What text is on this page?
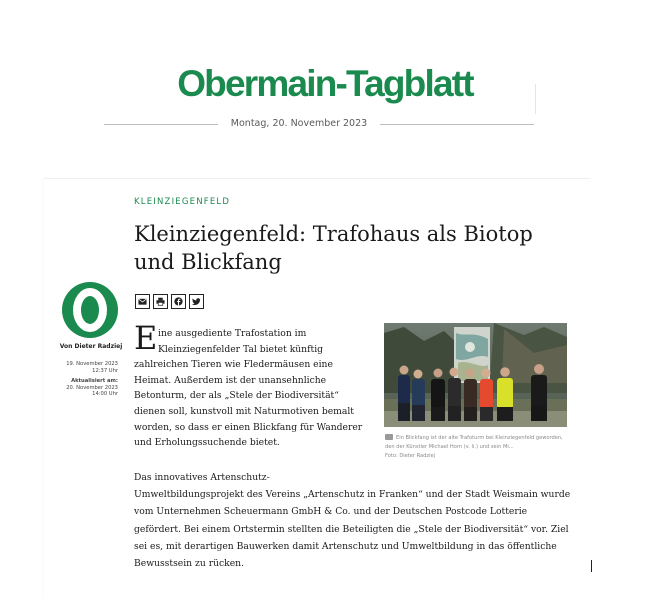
Obermain-Tagblatt
Montag, 20. November 2023
KLEINZIEGENFELD
Kleinziegenfeld: Trafohaus als Biotop und Blickfang
Von Dieter Radziej
19. November 2023
12:37 Uhr
Aktualisiert am:
20. November 2023
14:00 Uhr
E ine ausgediente Trafostation im
Kleinziegenfelder Tal bietet künftig
zahlreichen Tieren wie Fledermäusen eine Heimat. Außerdem ist der unansehnliche Betonturm, der als „Stele der Biodiversität“ dienen soll, kunstvoll mit Naturmotiven bemalt worden, so dass er einen Blickfang für Wanderer und Erholungssuchende bietet.	Ein Blickfang ist der alte Trafoturm bei Kleinziegenfeld geworden, den der Künstler Michael Horn (v. li.) und sein Mi...
Foto: Dieter Radziej
Das innovatives Artenschutz-
Umweltbildungsprojekt des Vereins „Artenschutz in Franken“ und der Stadt Weismain wurde vom Unternehmen Scheuermann GmbH & Co. und der Deutschen Postcode Lotterie gefördert. Bei einem Ortstermin stellten die Beteiligten die „Stele der Biodiversität“ vor. Ziel sei es, mit derartigen Bauwerken damit Artenschutz und Umweltbildung in das öffentliche Bewusstsein zu rücken.
